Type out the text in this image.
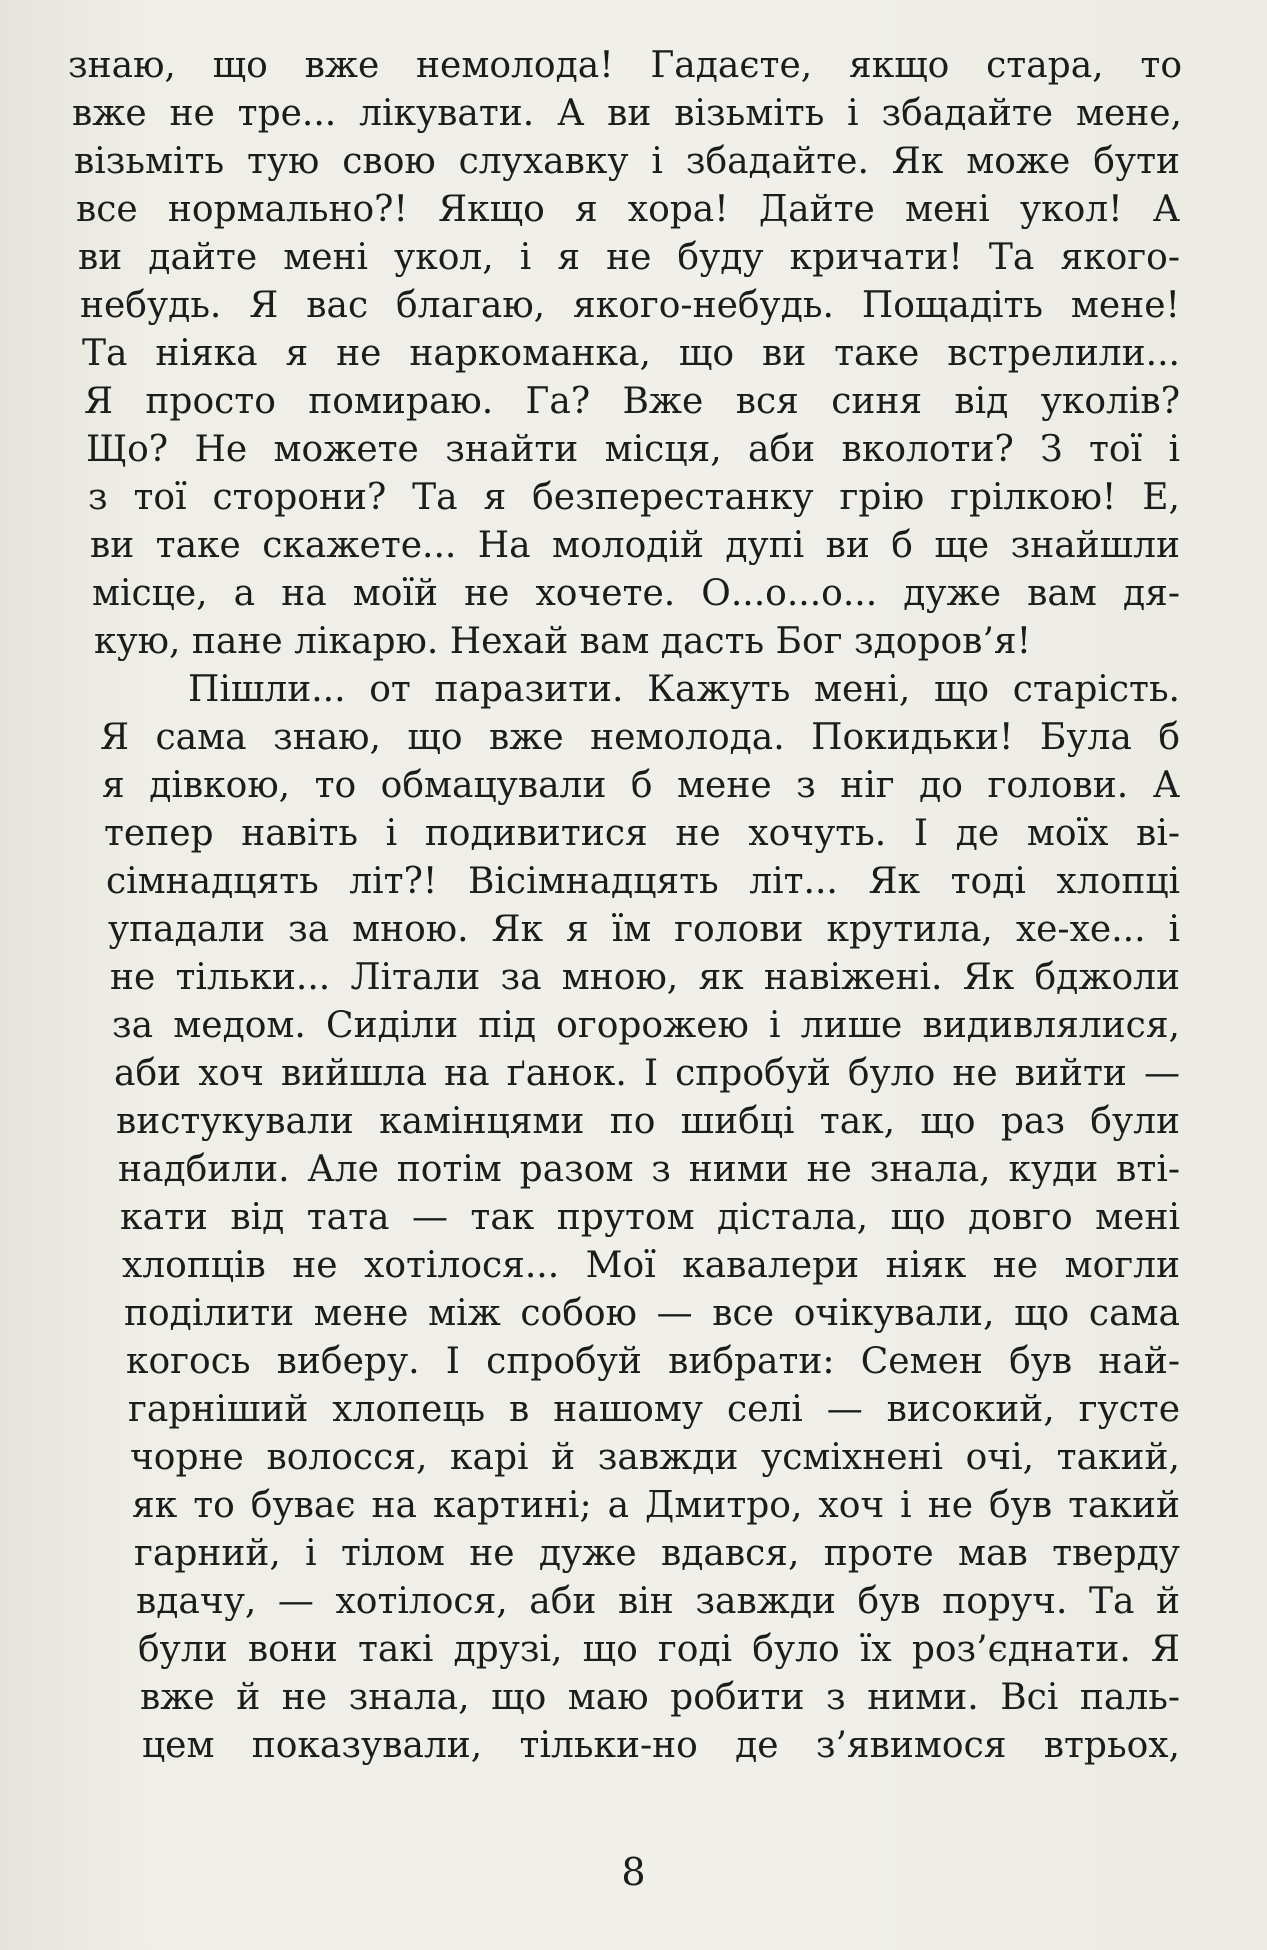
знаю, що вже немолода! Гадаєте, якщо стара, то
вже не тре... лікувати. А ви візьміть і збадайте мене,
візьміть тую свою слухавку і збадайте. Як може бути
все нормально?! Якщо я хора! Дайте мені укол! А
ви дайте мені укол, і я не буду кричати! Та якого-
небудь. Я вас благаю, якого-небудь. Пощадіть мене!
Та ніяка я не наркоманка, що ви таке встрелили...
Я просто помираю. Га? Вже вся синя від уколів?
Що? Не можете знайти місця, аби вколоти? З тої і
з тої сторони? Та я безперестанку грію грілкою! Е,
ви таке скажете... На молодій дупі ви б ще знайшли
місце, а на моїй не хочете. О...о...о... дуже вам дя-
кую, пане лікарю. Нехай вам дасть Бог здоров’я!
Пішли... от паразити. Кажуть мені, що старість.
Я сама знаю, що вже немолода. Покидьки! Була б
я дівкою, то обмацували б мене з ніг до голови. А
тепер навіть і подивитися не хочуть. І де моїх ві-
сімнадцять літ?! Вісімнадцять літ... Як тоді хлопці
упадали за мною. Як я їм голови крутила, хе-хе... і
не тільки... Літали за мною, як навіжені. Як бджоли
за медом. Сиділи під огорожею і лише видивлялися,
аби хоч вийшла на ґанок. І спробуй було не вийти —
вистукували камінцями по шибці так, що раз були
надбили. Але потім разом з ними не знала, куди вті-
кати від тата — так прутом дістала, що довго мені
хлопців не хотілося... Мої кавалери ніяк не могли
поділити мене між собою — все очікували, що сама
когось виберу. І спробуй вибрати: Семен був най-
гарніший хлопець в нашому селі — високий, густе
чорне волосся, карі й завжди усміхнені очі, такий,
як то буває на картині; а Дмитро, хоч і не був такий
гарний, і тілом не дуже вдався, проте мав тверду
вдачу, — хотілося, аби він завжди був поруч. Та й
були вони такі друзі, що годі було їх роз’єднати. Я
вже й не знала, що маю робити з ними. Всі паль-
цем показували, тільки-но де з’явимося втрьох,
8
